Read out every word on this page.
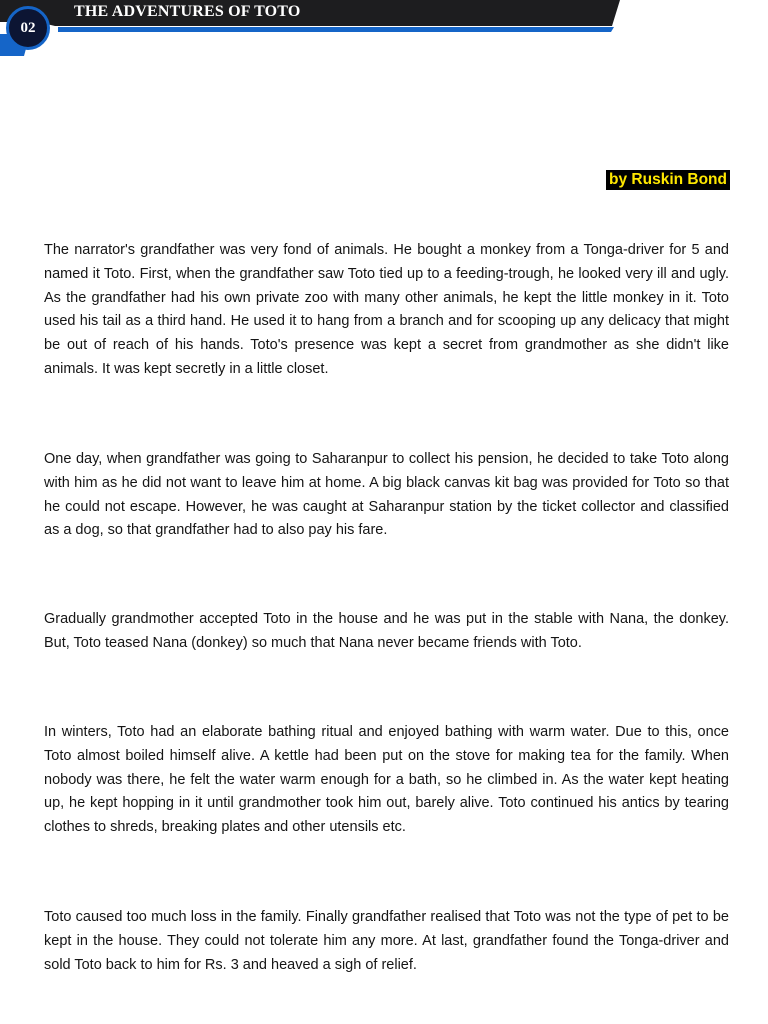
02
THE ADVENTURES OF TOTO
by Ruskin Bond

The narrator's grandfather was very fond of animals. He bought a monkey from a Tonga-driver for 5 and named it Toto. First, when the grandfather saw Toto tied up to a feeding-trough, he looked very ill and ugly. As the grandfather had his own private zoo with many other animals, he kept the little monkey in it. Toto used his tail as a third hand. He used it to hang from a branch and for scooping up any delicacy that might be out of reach of his hands. Toto's presence was kept a secret from grandmother as she didn't like animals. It was kept secretly in a little closet.

One day, when grandfather was going to Saharanpur to collect his pension, he decided to take Toto along with him as he did not want to leave him at home. A big black canvas kit bag was provided for Toto so that he could not escape. However, he was caught at Saharanpur station by the ticket collector and classified as a dog, so that grandfather had to also pay his fare.

Gradually grandmother accepted Toto in the house and he was put in the stable with Nana, the donkey. But, Toto teased Nana (donkey) so much that Nana never became friends with Toto.

In winters, Toto had an elaborate bathing ritual and enjoyed bathing with warm water. Due to this, once Toto almost boiled himself alive. A kettle had been put on the stove for making tea for the family. When nobody was there, he felt the water warm enough for a bath, so he climbed in. As the water kept heating up, he kept hopping in it until grandmother took him out, barely alive. Toto continued his antics by tearing clothes to shreds, breaking plates and other utensils etc.

Toto caused too much loss in the family. Finally grandfather realised that Toto was not the type of pet to be kept in the house. They could not tolerate him any more. At last, grandfather found the Tonga-driver and sold Toto back to him for Rs. 3 and heaved a sigh of relief.
